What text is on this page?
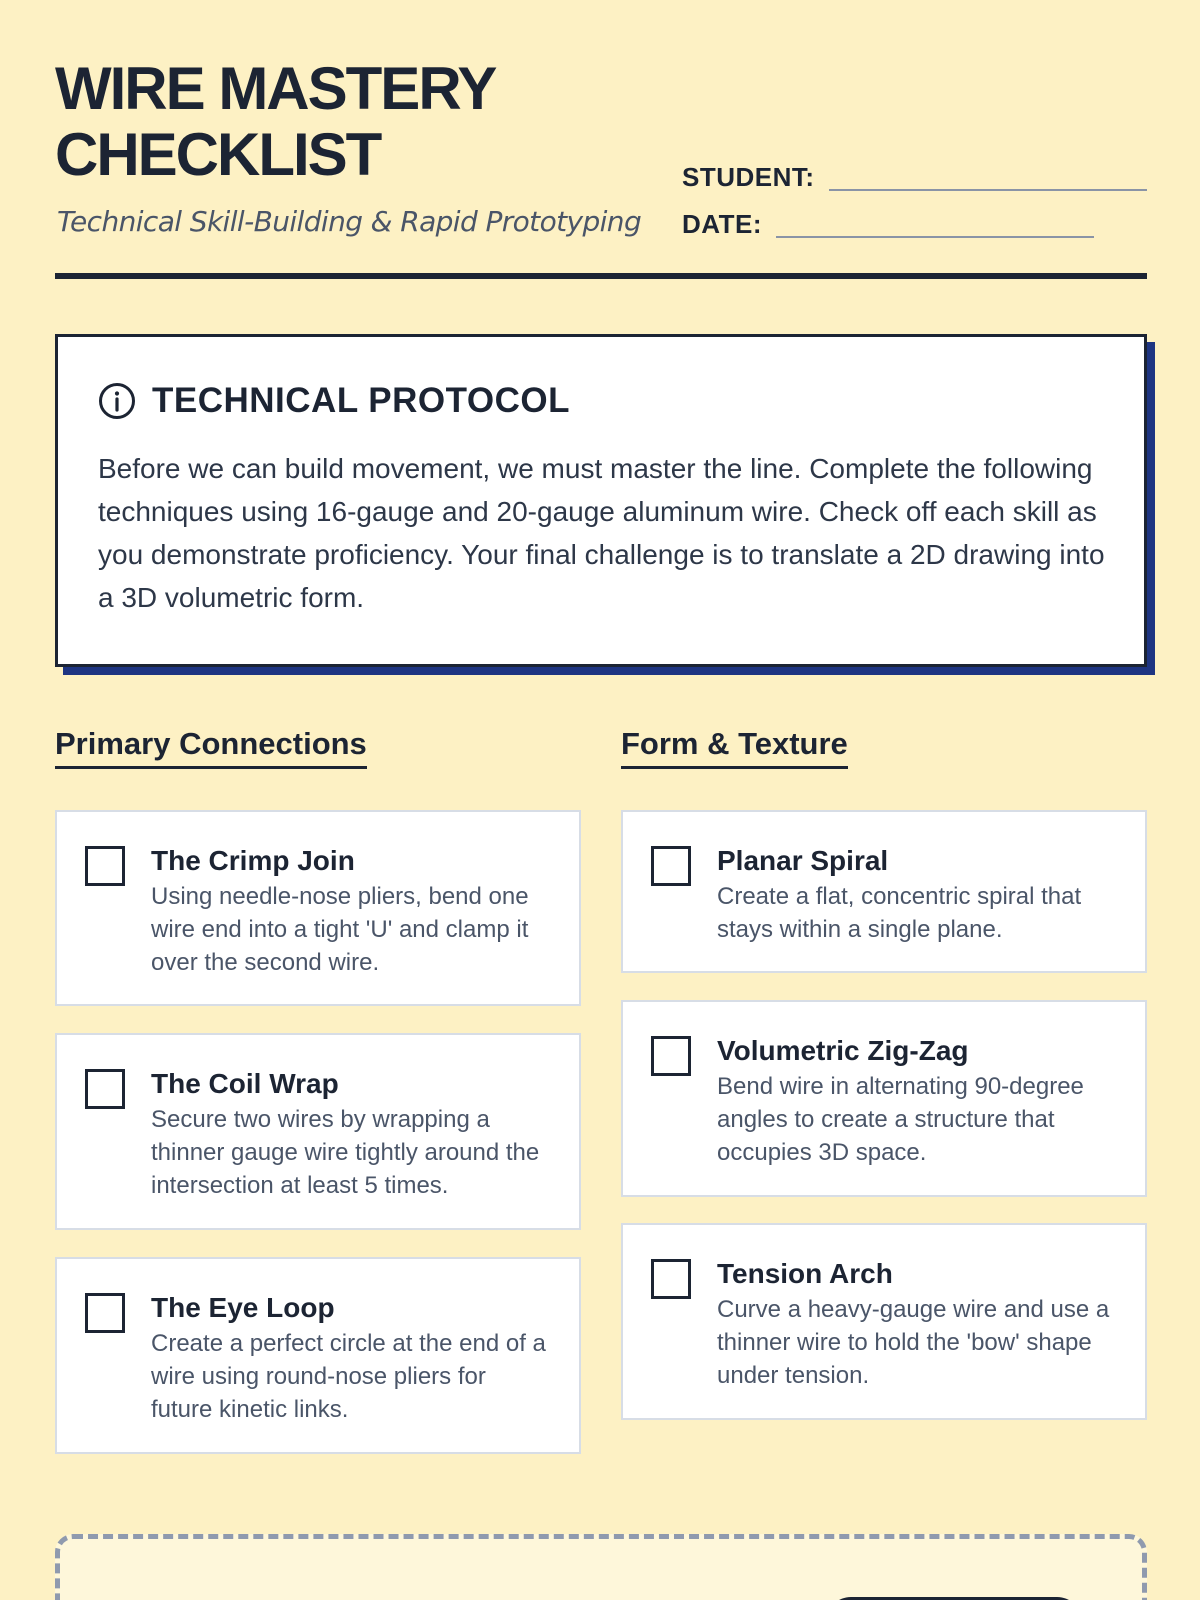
WIRE MASTERY
CHECKLIST
Technical Skill-Building & Rapid Prototyping
STUDENT:
DATE:
TECHNICAL PROTOCOL

Before we can build movement, we must master the line. Complete the following techniques using 16-gauge and 20-gauge aluminum wire. Check off each skill as you demonstrate proficiency. Your final challenge is to translate a 2D drawing into a 3D volumetric form.

Primary Connections	Form & Texture
The Crimp Join
Using needle-nose pliers, bend one wire end into a tight 'U' and clamp it over the second wire.
The Coil Wrap
Secure two wires by wrapping a thinner gauge wire tightly around the intersection at least 5 times.
The Eye Loop
Create a perfect circle at the end of a wire using round-nose pliers for future kinetic links.
Planar Spiral
Create a flat, concentric spiral that stays within a single plane.
Volumetric Zig-Zag
Bend wire in alternating 90-degree angles to create a structure that occupies 3D space.
Tension Arch
Curve a heavy-gauge wire and use a thinner wire to hold the 'bow' shape under tension.
